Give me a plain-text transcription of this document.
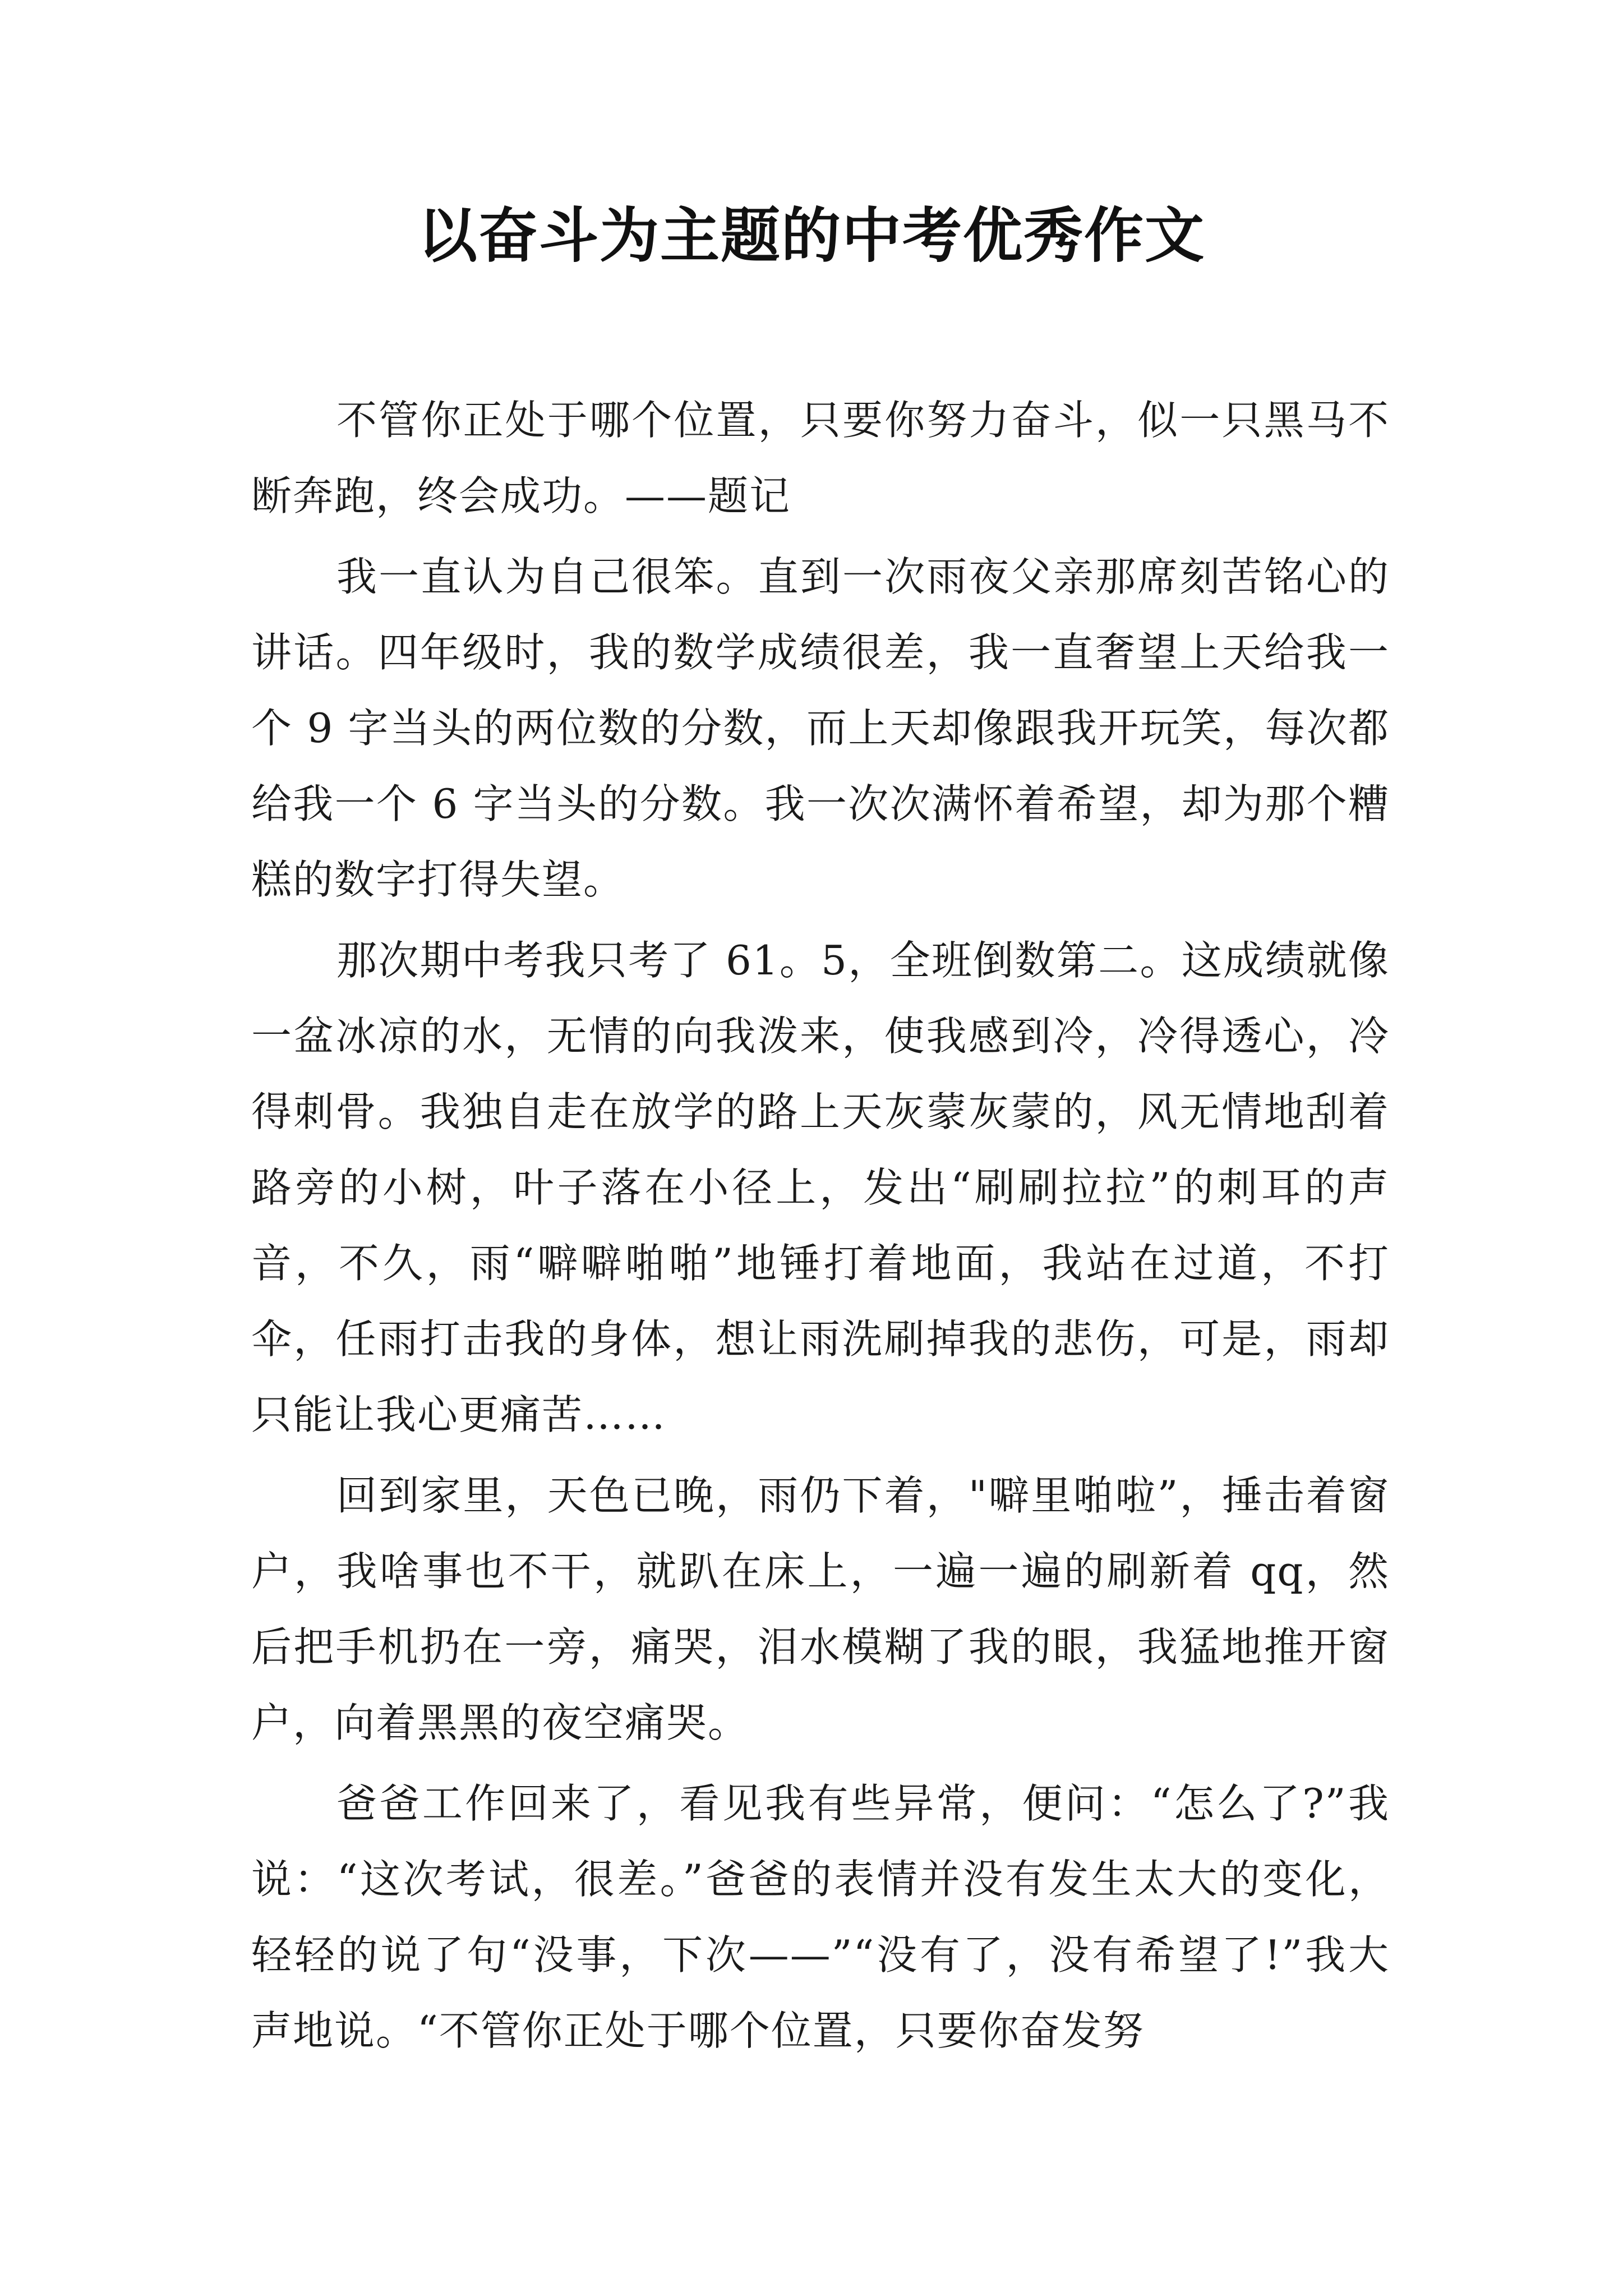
以奋斗为主题的中考优秀作文

不管你正处于哪个位置，只要你努力奋斗，似一只黑马不断奔跑，终会成功。——题记

我一直认为自己很笨。直到一次雨夜父亲那席刻苦铭心的讲话。四年级时，我的数学成绩很差，我一直奢望上天给我一个 9 字当头的两位数的分数，而上天却像跟我开玩笑，每次都给我一个 6 字当头的分数。我一次次满怀着希望，却为那个糟糕的数字打得失望。

那次期中考我只考了 61。5，全班倒数第二。这成绩就像一盆冰凉的水，无情的向我泼来，使我感到冷，冷得透心，冷得刺骨。我独自走在放学的路上天灰蒙灰蒙的，风无情地刮着路旁的小树，叶子落在小径上，发出“刷刷拉拉”的刺耳的声音，不久，雨“噼噼啪啪”地锤打着地面，我站在过道，不打伞，任雨打击我的身体，想让雨洗刷掉我的悲伤，可是，雨却只能让我心更痛苦……

回到家里，天色已晚，雨仍下着，"噼里啪啦”，捶击着窗户，我啥事也不干，就趴在床上，一遍一遍的刷新着 qq，然后把手机扔在一旁，痛哭，泪水模糊了我的眼，我猛地推开窗户，向着黑黑的夜空痛哭。

爸爸工作回来了，看见我有些异常，便问：“怎么了?”我说：“这次考试，很差。”爸爸的表情并没有发生太大的变化，轻轻的说了句“没事，下次——”“没有了，没有希望了!”我大声地说。“不管你正处于哪个位置，只要你奋发努
